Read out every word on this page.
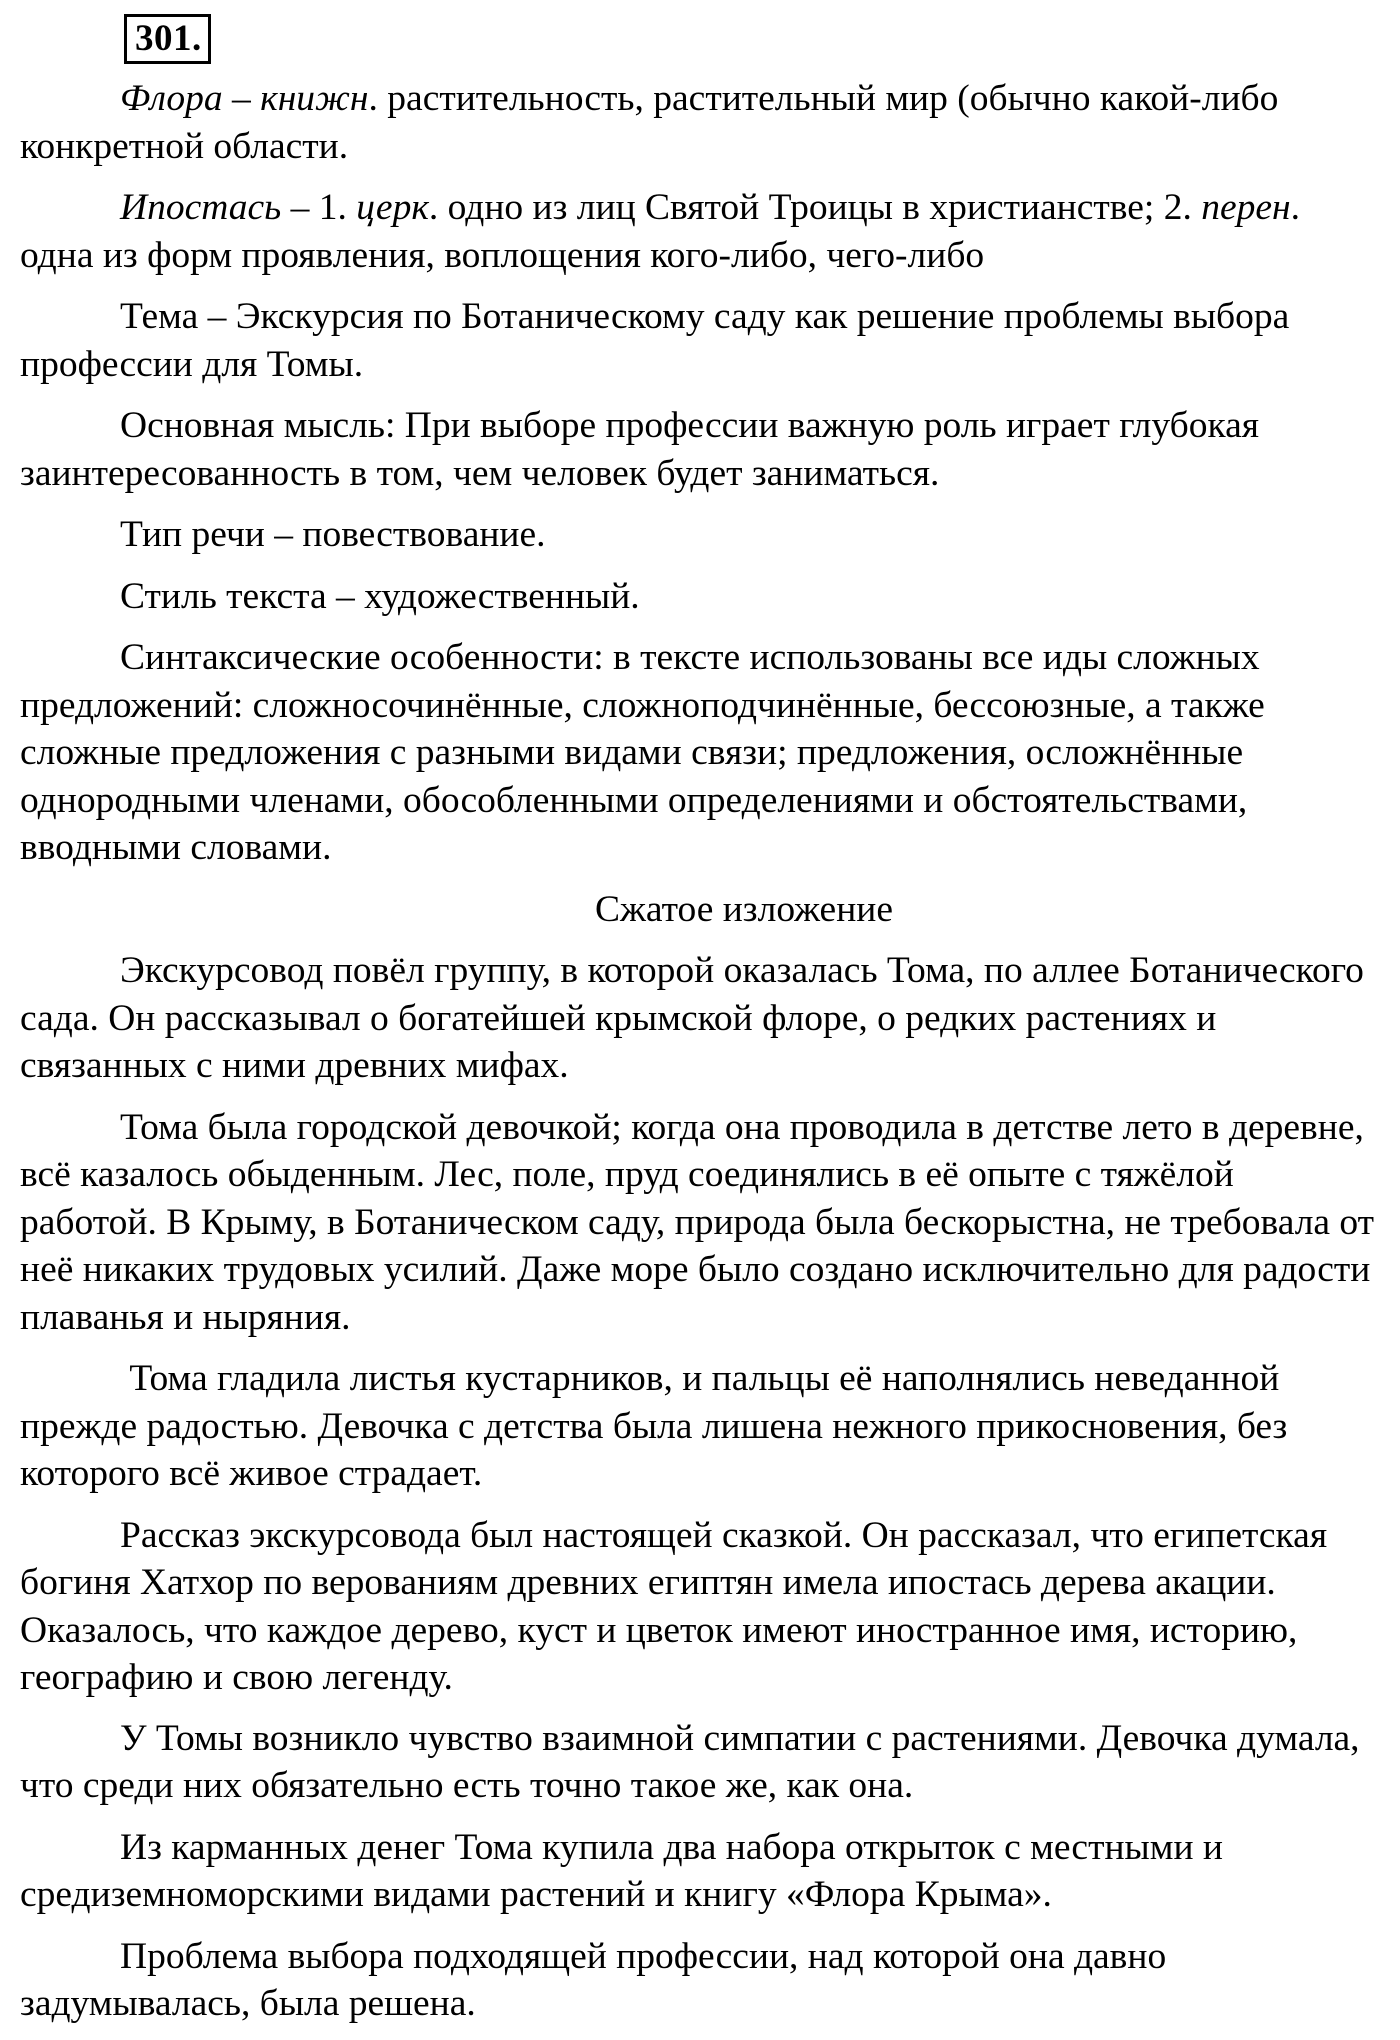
301.

Флора – книжн. растительность, растительный мир (обычно какой-либо конкретной области.

Ипостась – 1. церк. одно из лиц Святой Троицы в христианстве; 2. перен. одна из форм проявления, воплощения кого-либо, чего-либо

Тема – Экскурсия по Ботаническому саду как решение проблемы выбора профессии для Томы.

Основная мысль: При выборе профессии важную роль играет глубокая заинтересованность в том, чем человек будет заниматься.

Тип речи – повествование.

Стиль текста – художественный.

Синтаксические особенности: в тексте использованы все иды сложных предложений: сложносочинённые, сложноподчинённые, бессоюзные, а также сложные предложения с разными видами связи; предложения, осложнённые однородными членами, обособленными определениями и обстоятельствами, вводными словами.

Сжатое изложение

Экскурсовод повёл группу, в которой оказалась Тома, по аллее Ботанического сада. Он рассказывал о богатейшей крымской флоре, о редких растениях и связанных с ними древних мифах.

Тома была городской девочкой; когда она проводила в детстве лето в деревне, всё казалось обыденным. Лес, поле, пруд соединялись в её опыте с тяжёлой работой. В Крыму, в Ботаническом саду, природа была бескорыстна, не требовала от неё никаких трудовых усилий. Даже море было создано исключительно для радости плаванья и ныряния.

Тома гладила листья кустарников, и пальцы её наполнялись неведанной прежде радостью. Девочка с детства была лишена нежного прикосновения, без которого всё живое страдает.

Рассказ экскурсовода был настоящей сказкой. Он рассказал, что египетская богиня Хатхор по верованиям древних египтян имела ипостась дерева акации. Оказалось, что каждое дерево, куст и цветок имеют иностранное имя, историю, географию и свою легенду.

У Томы возникло чувство взаимной симпатии с растениями. Девочка думала, что среди них обязательно есть точно такое же, как она.

Из карманных денег Тома купила два набора открыток с местными и средиземноморскими видами растений и книгу «Флора Крыма».

Проблема выбора подходящей профессии, над которой она давно задумывалась, была решена.
